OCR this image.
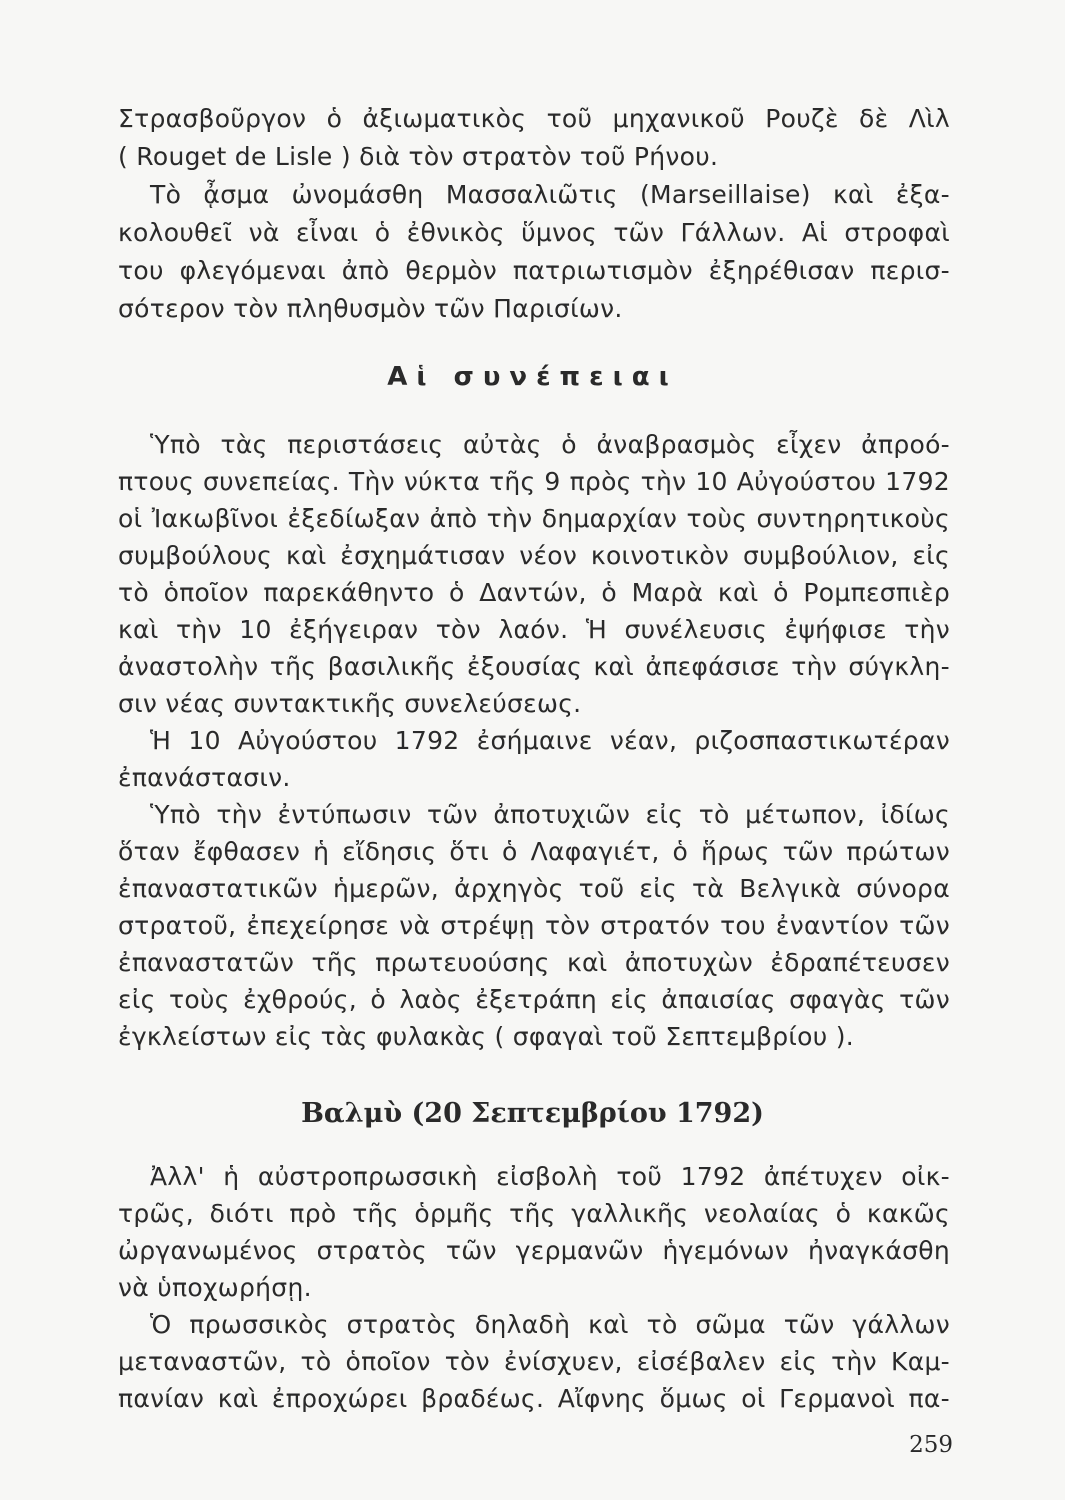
Στρασβοῦργον ὁ ἀξιωματικὸς τοῦ μηχανικοῦ Ρουζὲ δὲ Λὶλ
( Rouget de Lisle ) διὰ τὸν στρατὸν τοῦ Ρήνου.
Τὸ ᾆσμα ὠνομάσθη Μασσαλιῶτις (Marseillaise) καὶ ἐξα-
κολουθεῖ νὰ εἶναι ὁ ἐθνικὸς ὕμνος τῶν Γάλλων. Αἱ στροφαὶ
του φλεγόμεναι ἀπὸ θερμὸν πατριωτισμὸν ἐξηρέθισαν περισ-
σότερον τὸν πληθυσμὸν τῶν Παρισίων.
Αἱ συνέπειαι
Ὑπὸ τὰς περιστάσεις αὐτὰς ὁ ἀναβρασμὸς εἶχεν ἀπροό-
πτους συνεπείας. Τὴν νύκτα τῆς 9 πρὸς τὴν 10 Αὐγούστου 1792
οἱ Ἰακωβῖνοι ἐξεδίωξαν ἀπὸ τὴν δημαρχίαν τοὺς συντηρητικοὺς
συμβούλους καὶ ἐσχημάτισαν νέον κοινοτικὸν συμβούλιον, εἰς
τὸ ὁποῖον παρεκάθηντο ὁ Δαντών, ὁ Μαρὰ καὶ ὁ Ρομπεσπιὲρ
καὶ τὴν 10 ἐξήγειραν τὸν λαόν. Ἡ συνέλευσις ἐψήφισε τὴν
ἀναστολὴν τῆς βασιλικῆς ἐξουσίας καὶ ἀπεφάσισε τὴν σύγκλη-
σιν νέας συντακτικῆς συνελεύσεως.
Ἡ 10 Αὐγούστου 1792 ἐσήμαινε νέαν, ριζοσπαστικωτέραν
ἐπανάστασιν.
Ὑπὸ τὴν ἐντύπωσιν τῶν ἀποτυχιῶν εἰς τὸ μέτωπον, ἰδίως
ὅταν ἔφθασεν ἡ εἴδησις ὅτι ὁ Λαφαγιέτ, ὁ ἥρως τῶν πρώτων
ἐπαναστατικῶν ἡμερῶν, ἀρχηγὸς τοῦ εἰς τὰ Βελγικὰ σύνορα
στρατοῦ, ἐπεχείρησε νὰ στρέψῃ τὸν στρατόν του ἐναντίον τῶν
ἐπαναστατῶν τῆς πρωτευούσης καὶ ἀποτυχὼν ἐδραπέτευσεν
εἰς τοὺς ἐχθρούς, ὁ λαὸς ἐξετράπη εἰς ἀπαισίας σφαγὰς τῶν
ἐγκλείστων εἰς τὰς φυλακὰς ( σφαγαὶ τοῦ Σεπτεμβρίου ).
Βαλμὺ (20 Σεπτεμβρίου 1792)
Ἀλλ' ἡ αὐστροπρωσσικὴ εἰσβολὴ τοῦ 1792 ἀπέτυχεν οἰκ-
τρῶς, διότι πρὸ τῆς ὁρμῆς τῆς γαλλικῆς νεολαίας ὁ κακῶς
ὠργανωμένος στρατὸς τῶν γερμανῶν ἡγεμόνων ἠναγκάσθη
νὰ ὑποχωρήσῃ.
Ὁ πρωσσικὸς στρατὸς δηλαδὴ καὶ τὸ σῶμα τῶν γάλλων
μεταναστῶν, τὸ ὁποῖον τὸν ἐνίσχυεν, εἰσέβαλεν εἰς τὴν Καμ-
πανίαν καὶ ἐπροχώρει βραδέως. Αἴφνης ὅμως οἱ Γερμανοὶ πα-
259
